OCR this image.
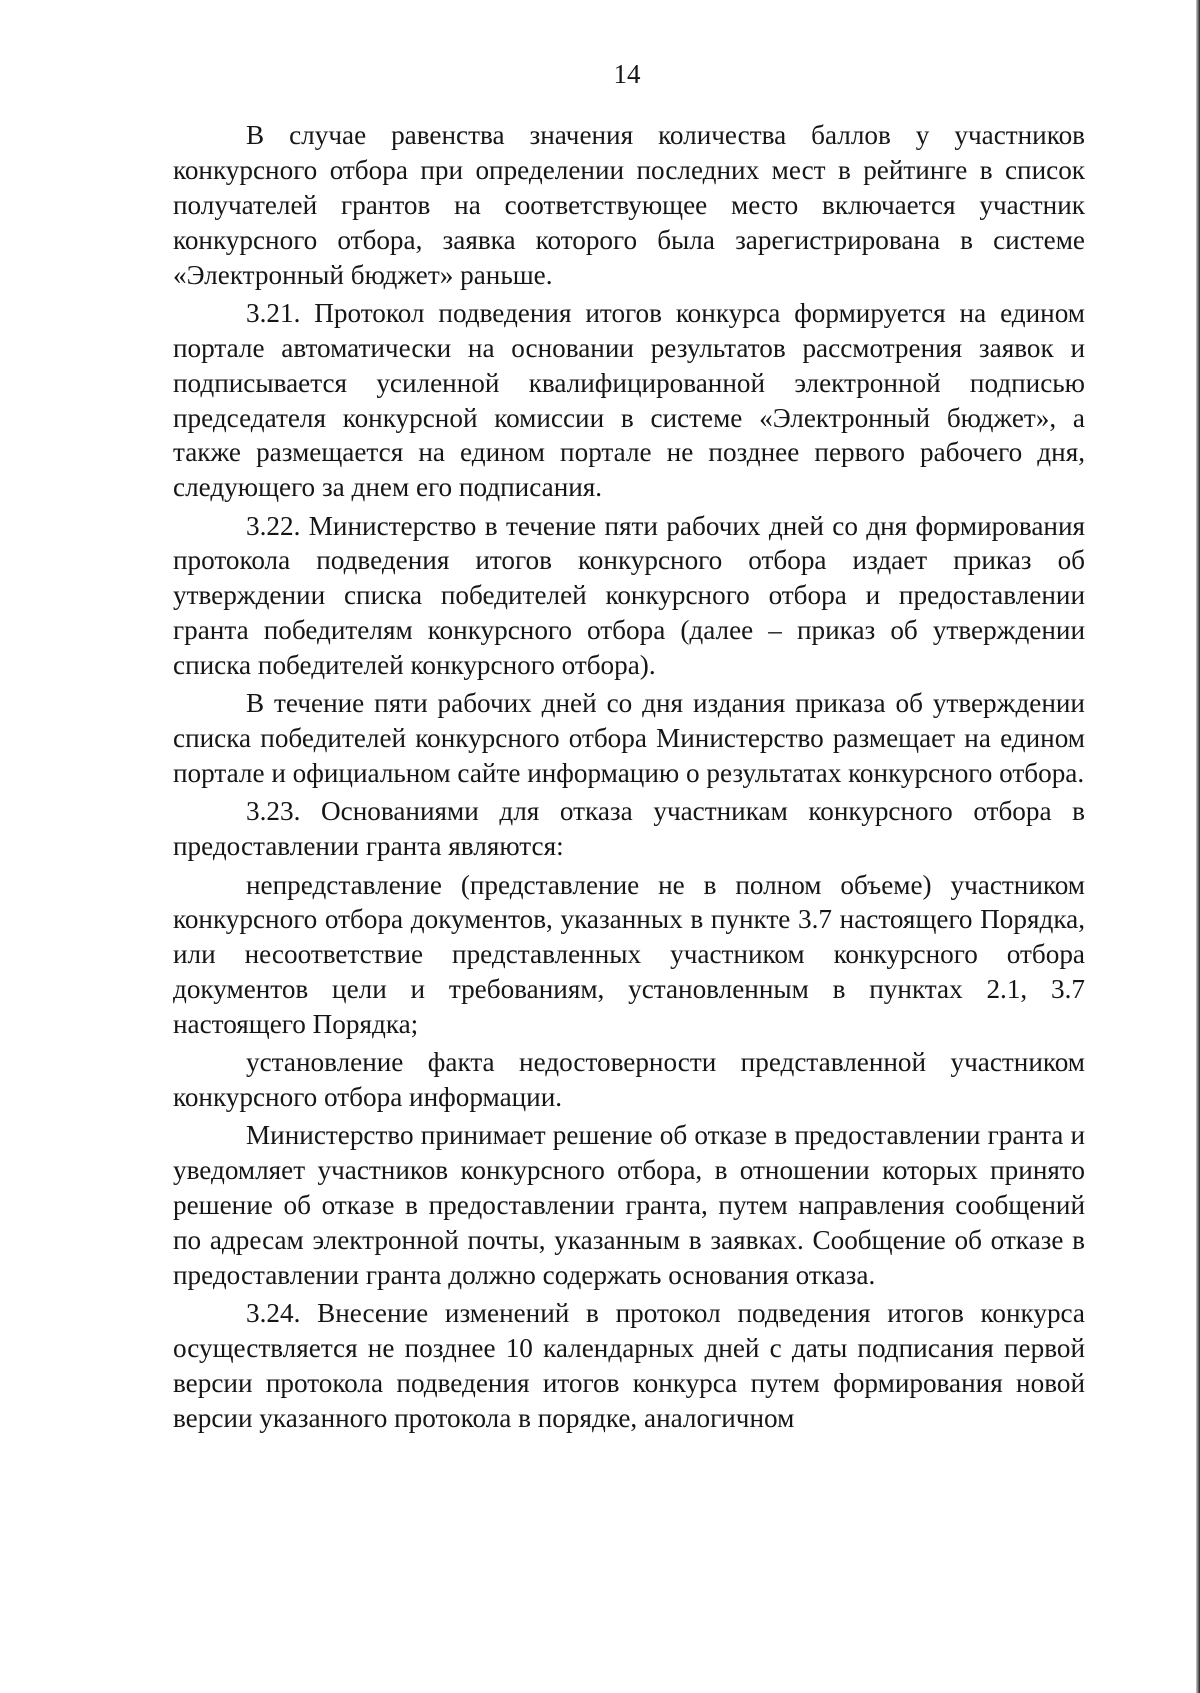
14

В случае равенства значения количества баллов у участников конкурсного отбора при определении последних мест в рейтинге в список получателей грантов на соответствующее место включается участник конкурсного отбора, заявка которого была зарегистрирована в системе «Электронный бюджет» раньше.

3.21. Протокол подведения итогов конкурса формируется на едином портале автоматически на основании результатов рассмотрения заявок и подписывается усиленной квалифицированной электронной подписью председателя конкурсной комиссии в системе «Электронный бюджет», а также размещается на едином портале не позднее первого рабочего дня, следующего за днем его подписания.

3.22. Министерство в течение пяти рабочих дней со дня формирования протокола подведения итогов конкурсного отбора издает приказ об утверждении списка победителей конкурсного отбора и предоставлении гранта победителям конкурсного отбора (далее – приказ об утверждении списка победителей конкурсного отбора).

В течение пяти рабочих дней со дня издания приказа об утверждении списка победителей конкурсного отбора Министерство размещает на едином портале и официальном сайте информацию о результатах конкурсного отбора.

3.23. Основаниями для отказа участникам конкурсного отбора в предоставлении гранта являются:

непредставление (представление не в полном объеме) участником конкурсного отбора документов, указанных в пункте 3.7 настоящего Порядка, или несоответствие представленных участником конкурсного отбора документов цели и требованиям, установленным в пунктах 2.1, 3.7 настоящего Порядка;

установление факта недостоверности представленной участником конкурсного отбора информации.

Министерство принимает решение об отказе в предоставлении гранта и уведомляет участников конкурсного отбора, в отношении которых принято решение об отказе в предоставлении гранта, путем направления сообщений по адресам электронной почты, указанным в заявках. Сообщение об отказе в предоставлении гранта должно содержать основания отказа.

3.24. Внесение изменений в протокол подведения итогов конкурса осуществляется не позднее 10 календарных дней с даты подписания первой версии протокола подведения итогов конкурса путем формирования новой версии указанного протокола в порядке, аналогичном
